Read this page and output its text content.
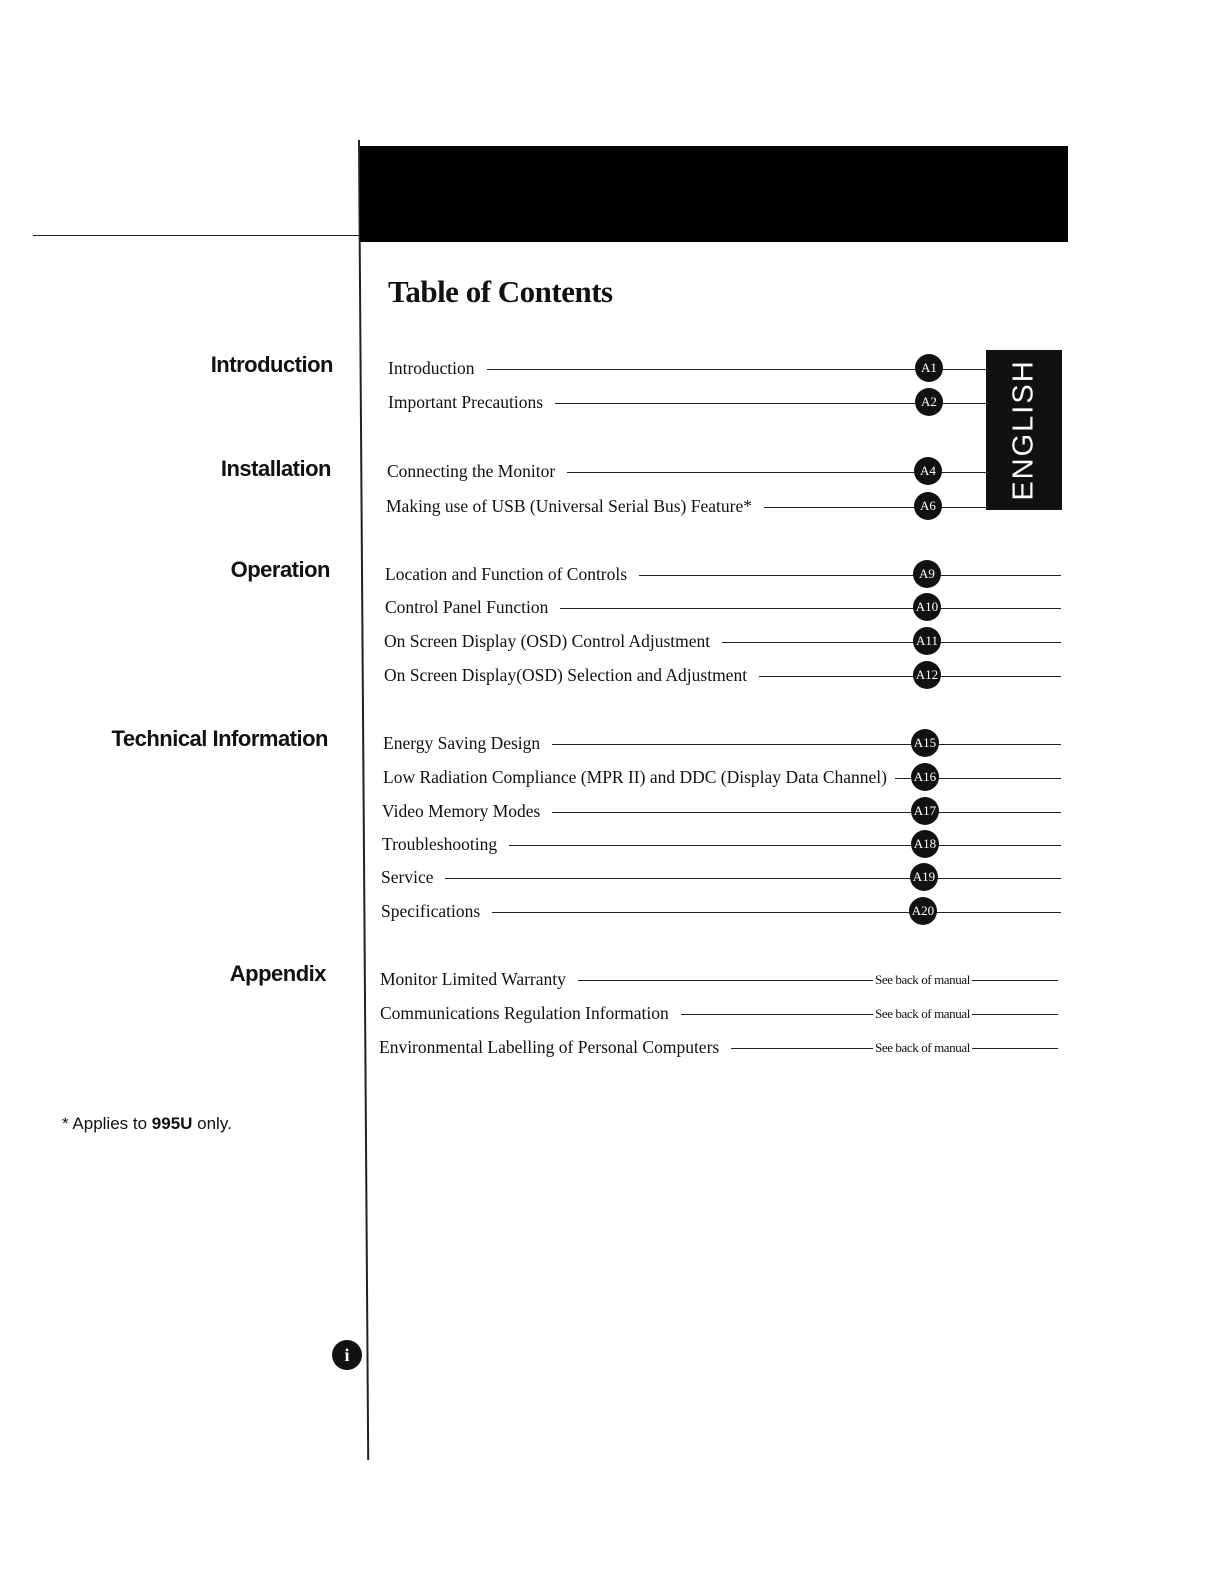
Table of Contents
ENGLISH
Introduction
Installation
Operation
Technical Information
Appendix
Introduction	A1
Important Precautions	A2
Connecting the Monitor	A4
Making use of USB (Universal Serial Bus) Feature*	A6
Location and Function of Controls	A9
Control Panel Function	A10
On Screen Display (OSD) Control Adjustment	A11
On Screen Display(OSD) Selection and Adjustment	A12
Energy Saving Design	A15
Low Radiation Compliance (MPR II) and DDC (Display Data Channel)	A16
Video Memory Modes	A17
Troubleshooting	A18
Service	A19
Specifications	A20
Monitor Limited Warranty	See back of manual
Communications Regulation Information	See back of manual
Environmental Labelling of Personal Computers	See back of manual
* Applies to 995U only.
i
